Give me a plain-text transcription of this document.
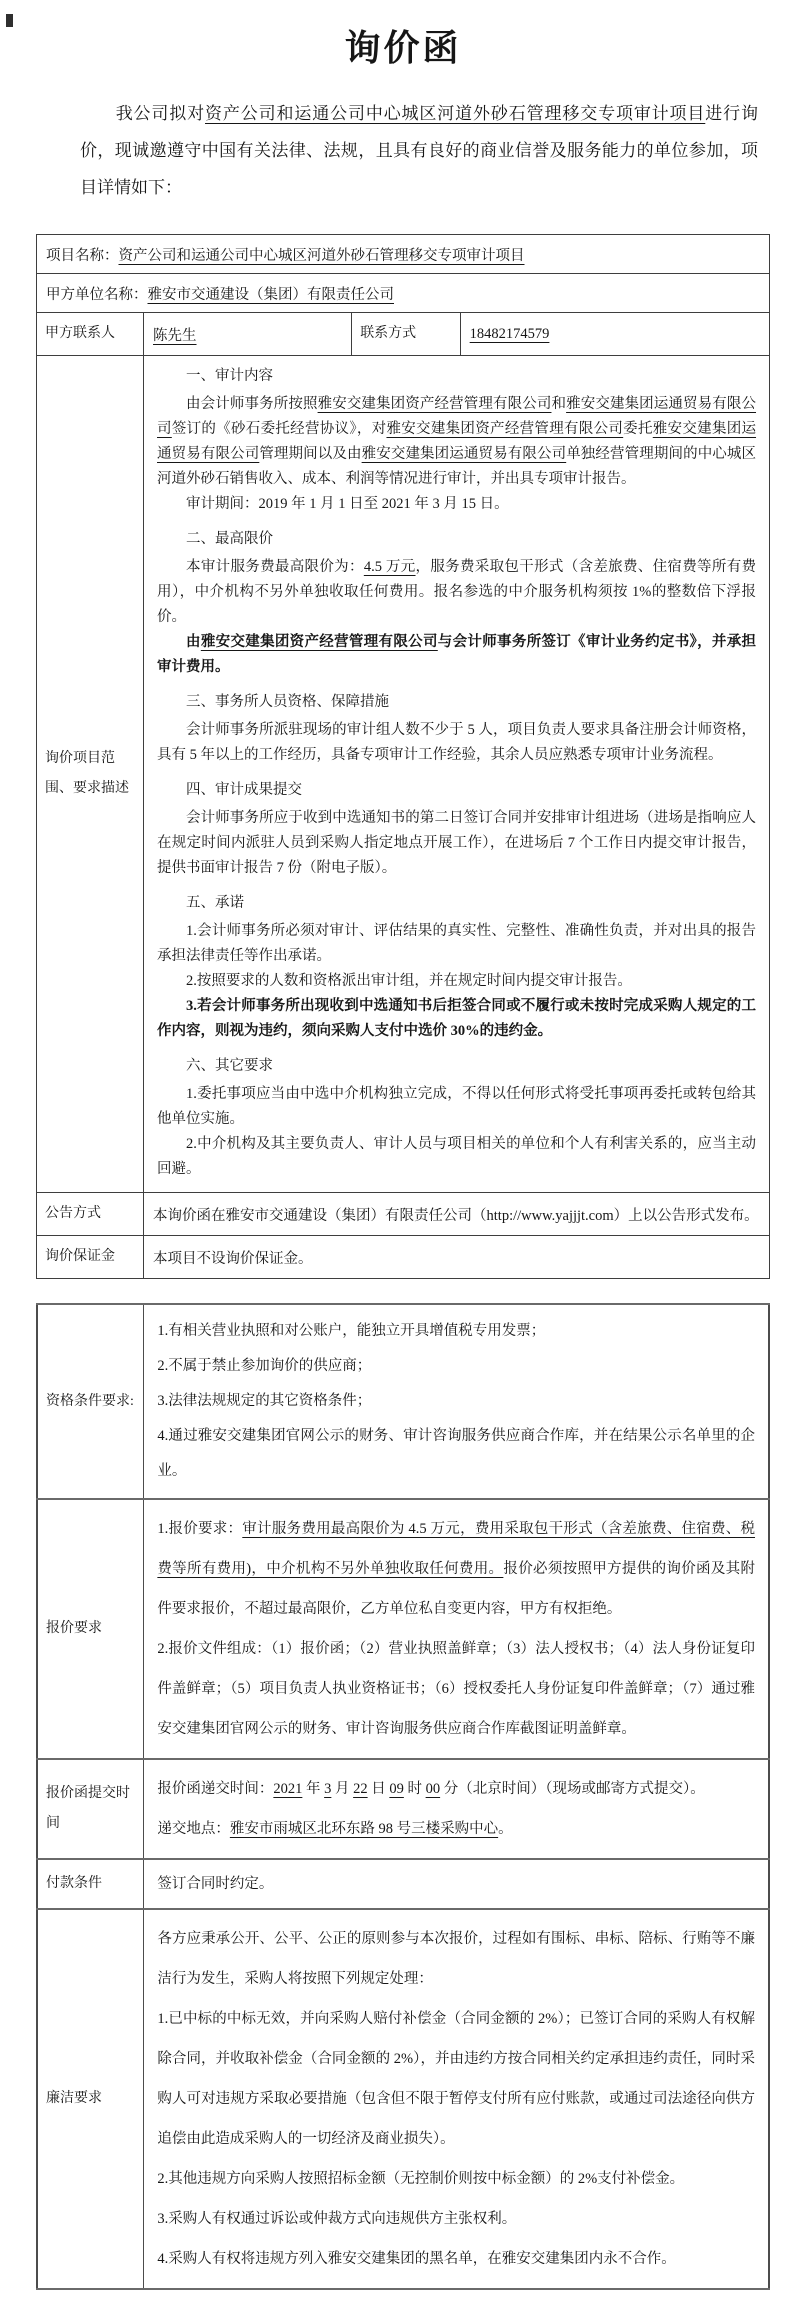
询价函

我公司拟对资产公司和运通公司中心城区河道外砂石管理移交专项审计项目进行询价，现诚邀遵守中国有关法律、法规，且具有良好的商业信誉及服务能力的单位参加，项目详情如下：

项目名称：资产公司和运通公司中心城区河道外砂石管理移交专项审计项目			
甲方单位名称：雅安市交通建设（集团）有限责任公司			
甲方联系人	陈先生	联系方式	18482174579
询价项目范围、要求描述	

一、审计内容

由会计师事务所按照雅安交建集团资产经营管理有限公司和雅安交建集团运通贸易有限公司签订的《砂石委托经营协议》，对雅安交建集团资产经营管理有限公司委托雅安交建集团运通贸易有限公司管理期间以及由雅安交建集团运通贸易有限公司单独经营管理期间的中心城区河道外砂石销售收入、成本、利润等情况进行审计，并出具专项审计报告。

审计期间：2019 年 1 月 1 日至 2021 年 3 月 15 日。

二、最高限价

本审计服务费最高限价为：4.5 万元，服务费采取包干形式（含差旅费、住宿费等所有费用），中介机构不另外单独收取任何费用。报名参选的中介服务机构须按 1%的整数倍下浮报价。

由雅安交建集团资产经营管理有限公司与会计师事务所签订《审计业务约定书》，并承担审计费用。

三、事务所人员资格、保障措施

会计师事务所派驻现场的审计组人数不少于 5 人，项目负责人要求具备注册会计师资格，具有 5 年以上的工作经历，具备专项审计工作经验，其余人员应熟悉专项审计业务流程。

四、审计成果提交

会计师事务所应于收到中选通知书的第二日签订合同并安排审计组进场（进场是指响应人在规定时间内派驻人员到采购人指定地点开展工作），在进场后 7 个工作日内提交审计报告，提供书面审计报告 7 份（附电子版）。

五、承诺

1.会计师事务所必须对审计、评估结果的真实性、完整性、准确性负责，并对出具的报告承担法律责任等作出承诺。

2.按照要求的人数和资格派出审计组，并在规定时间内提交审计报告。

3.若会计师事务所出现收到中选通知书后拒签合同或不履行或未按时完成采购人规定的工作内容，则视为违约，须向采购人支付中选价 30%的违约金。

六、其它要求

1.委托事项应当由中选中介机构独立完成，不得以任何形式将受托事项再委托或转包给其他单位实施。

2.中介机构及其主要负责人、审计人员与项目相关的单位和个人有利害关系的，应当主动回避。

公告方式	本询价函在雅安市交通建设（集团）有限责任公司（http://www.yajjjt.com）上以公告形式发布。		
询价保证金	本项目不设询价保证金。		
资格条件要求:	1.有相关营业执照和对公账户，能独立开具增值税专用发票；

2.不属于禁止参加询价的供应商；

3.法律法规规定的其它资格条件；

4.通过雅安交建集团官网公示的财务、审计咨询服务供应商合作库，并在结果公示名单里的企业。

报价要求	1.报价要求：审计服务费用最高限价为 4.5 万元，费用采取包干形式（含差旅费、住宿费、税费等所有费用)，中介机构不另外单独收取任何费用。报价必须按照甲方提供的询价函及其附件要求报价，不超过最高限价，乙方单位私自变更内容，甲方有权拒绝。

2.报价文件组成：（1）报价函；（2）营业执照盖鲜章；（3）法人授权书；（4）法人身份证复印件盖鲜章；（5）项目负责人执业资格证书；（6）授权委托人身份证复印件盖鲜章；（7）通过雅安交建集团官网公示的财务、审计咨询服务供应商合作库截图证明盖鲜章。

报价函提交时间	报价函递交时间：2021 年 3 月 22 日 09 时 00 分（北京时间）（现场或邮寄方式提交）。

递交地点：雅安市雨城区北环东路 98 号三楼采购中心。

付款条件	签订合同时约定。

廉洁要求	各方应秉承公开、公平、公正的原则参与本次报价，过程如有围标、串标、陪标、行贿等不廉洁行为发生，采购人将按照下列规定处理：

1.已中标的中标无效，并向采购人赔付补偿金（合同金额的 2%）；已签订合同的采购人有权解除合同，并收取补偿金（合同金额的 2%），并由违约方按合同相关约定承担违约责任，同时采购人可对违规方采取必要措施（包含但不限于暂停支付所有应付账款，或通过司法途径向供方追偿由此造成采购人的一切经济及商业损失）。

2.其他违规方向采购人按照招标金额（无控制价则按中标金额）的 2%支付补偿金。

3.采购人有权通过诉讼或仲裁方式向违规供方主张权利。

4.采购人有权将违规方列入雅安交建集团的黑名单，在雅安交建集团内永不合作。
